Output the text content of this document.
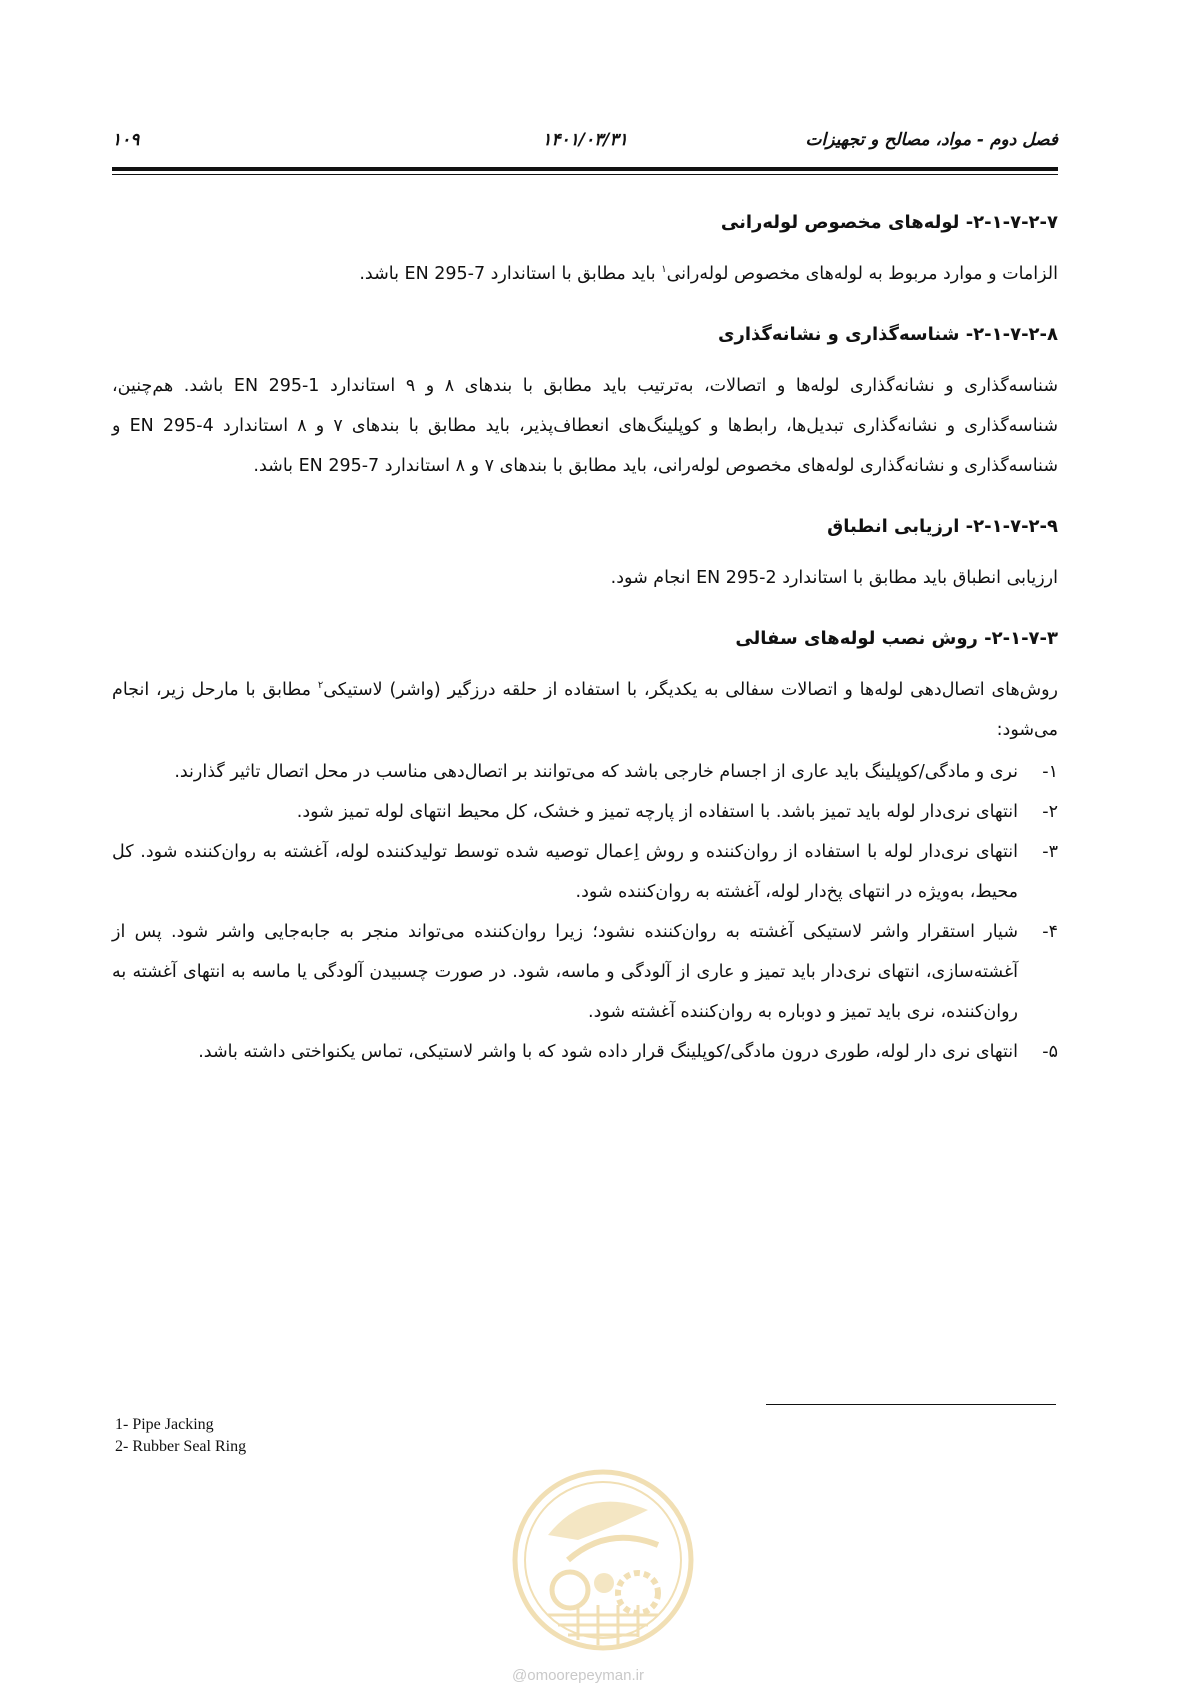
فصل دوم - مواد، مصالح و تجهیزات
۱۴۰۱/۰۳/۳۱
۱۰۹
۲-۱-۷-۲-۷- لوله‌های مخصوص لوله‌رانی

الزامات و موارد مربوط به لوله‌های مخصوص لوله‌رانی$^۱$ باید مطابق با استاندارد EN 295-7 باشد.

۲-۱-۷-۲-۸- شناسه‌گذاری و نشانه‌گذاری

شناسه‌گذاری و نشانه‌گذاری لوله‌ها و اتصالات، به‌ترتیب باید مطابق با بندهای ۸ و ۹ استاندارد EN 295-1 باشد. هم‌چنین، شناسه‌گذاری و نشانه‌گذاری تبدیل‌ها، رابط‌ها و کوپلینگ‌های انعطاف‌پذیر، باید مطابق با بندهای ۷ و ۸ استاندارد EN 295-4 و شناسه‌گذاری و نشانه‌گذاری لوله‌های مخصوص لوله‌رانی، باید مطابق با بندهای ۷ و ۸ استاندارد EN 295-7 باشد.

۲-۱-۷-۲-۹- ارزیابی انطباق

ارزیابی انطباق باید مطابق با استاندارد EN 295-2 انجام شود.

۲-۱-۷-۳- روش نصب لوله‌های سفالی

روش‌های اتصال‌دهی لوله‌ها و اتصالات سفالی به یکدیگر، با استفاده از حلقه درزگیر (واشر) لاستیکی$^۲$ مطابق با مارحل زیر، انجام می‌شود:

۱-
نری و مادگی/کوپلینگ باید عاری از اجسام خارجی باشد که می‌توانند بر اتصال‌دهی مناسب در محل اتصال تاثیر گذارند.
۲-
انتهای نری‌دار لوله باید تمیز باشد. با استفاده از پارچه تمیز و خشک، کل محیط انتهای لوله تمیز شود.
۳-
انتهای نری‌دار لوله با استفاده از روان‌کننده و روش اِعمال توصیه شده توسط تولیدکننده لوله، آغشته به روان‌کننده شود. کل محیط، به‌ویژه در انتهای پخ‌دار لوله، آغشته به روان‌کننده شود.
۴-
شیار استقرار واشر لاستیکی آغشته به روان‌کننده نشود؛ زیرا روان‌کننده می‌تواند منجر به جابه‌جایی واشر شود. پس از آغشته‌سازی، انتهای نری‌دار باید تمیز و عاری از آلودگی و ماسه، شود. در صورت چسبیدن آلودگی یا ماسه به انتهای آغشته به روان‌کننده، نری باید تمیز و دوباره به روان‌کننده آغشته شود.
۵-
انتهای نری دار لوله، طوری درون مادگی/کوپلینگ قرار داده شود که با واشر لاستیکی، تماس یکنواختی داشته باشد.
1- Pipe Jacking
2- Rubber Seal Ring
@omoorepeyman.ir
